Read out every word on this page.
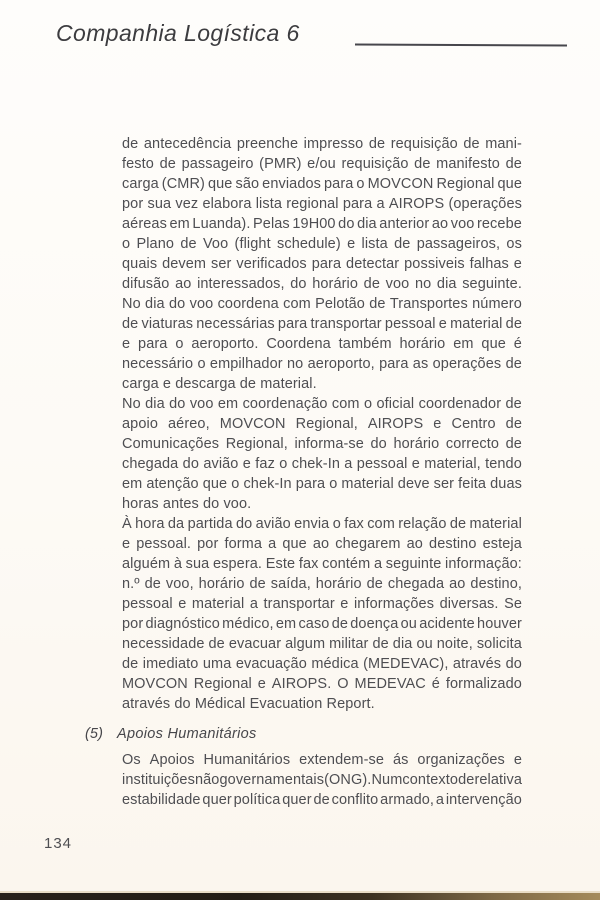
Companhia Logística 6
de antecedência preenche impresso de requisição de mani-
festo de passageiro (PMR) e/ou requisição de manifesto de
carga (CMR) que são enviados para o MOVCON Regional que
por sua vez elabora lista regional para a AIROPS (operações
aéreas em Luanda). Pelas 19H00 do dia anterior ao voo recebe
o Plano de Voo (flight schedule) e lista de passageiros, os
quais devem ser verificados para detectar possiveis falhas e
difusão ao interessados, do horário de voo no dia seguinte.
No dia do voo coordena com Pelotão de Transportes número
de viaturas necessárias para transportar pessoal e material de
e para o aeroporto. Coordena também horário em que é
necessário o empilhador no aeroporto, para as operações de
carga e descarga de material.
No dia do voo em coordenação com o oficial coordenador de
apoio aéreo, MOVCON Regional, AIROPS e Centro de
Comunicações Regional, informa-se do horário correcto de
chegada do avião e faz o chek-In a pessoal e material, tendo
em atenção que o chek-In para o material deve ser feita duas
horas antes do voo.
À hora da partida do avião envia o fax com relação de material
e pessoal. por forma a que ao chegarem ao destino esteja
alguém à sua espera. Este fax contém a seguinte informação:
n.º de voo, horário de saída, horário de chegada ao destino,
pessoal e material a transportar e informações diversas. Se
por diagnóstico médico, em caso de doença ou acidente houver
necessidade de evacuar algum militar de dia ou noite, solicita
de imediato uma evacuação médica (MEDEVAC), através do
MOVCON Regional e AIROPS. O MEDEVAC é formalizado
através do Médical Evacuation Report.
(5) Apoios Humanitários
Os Apoios Humanitários extendem-se ás organizações e
instituições não governamentais (ONG). Num contexto de relativa
estabilidade quer política quer de conflito armado, a intervenção
134
